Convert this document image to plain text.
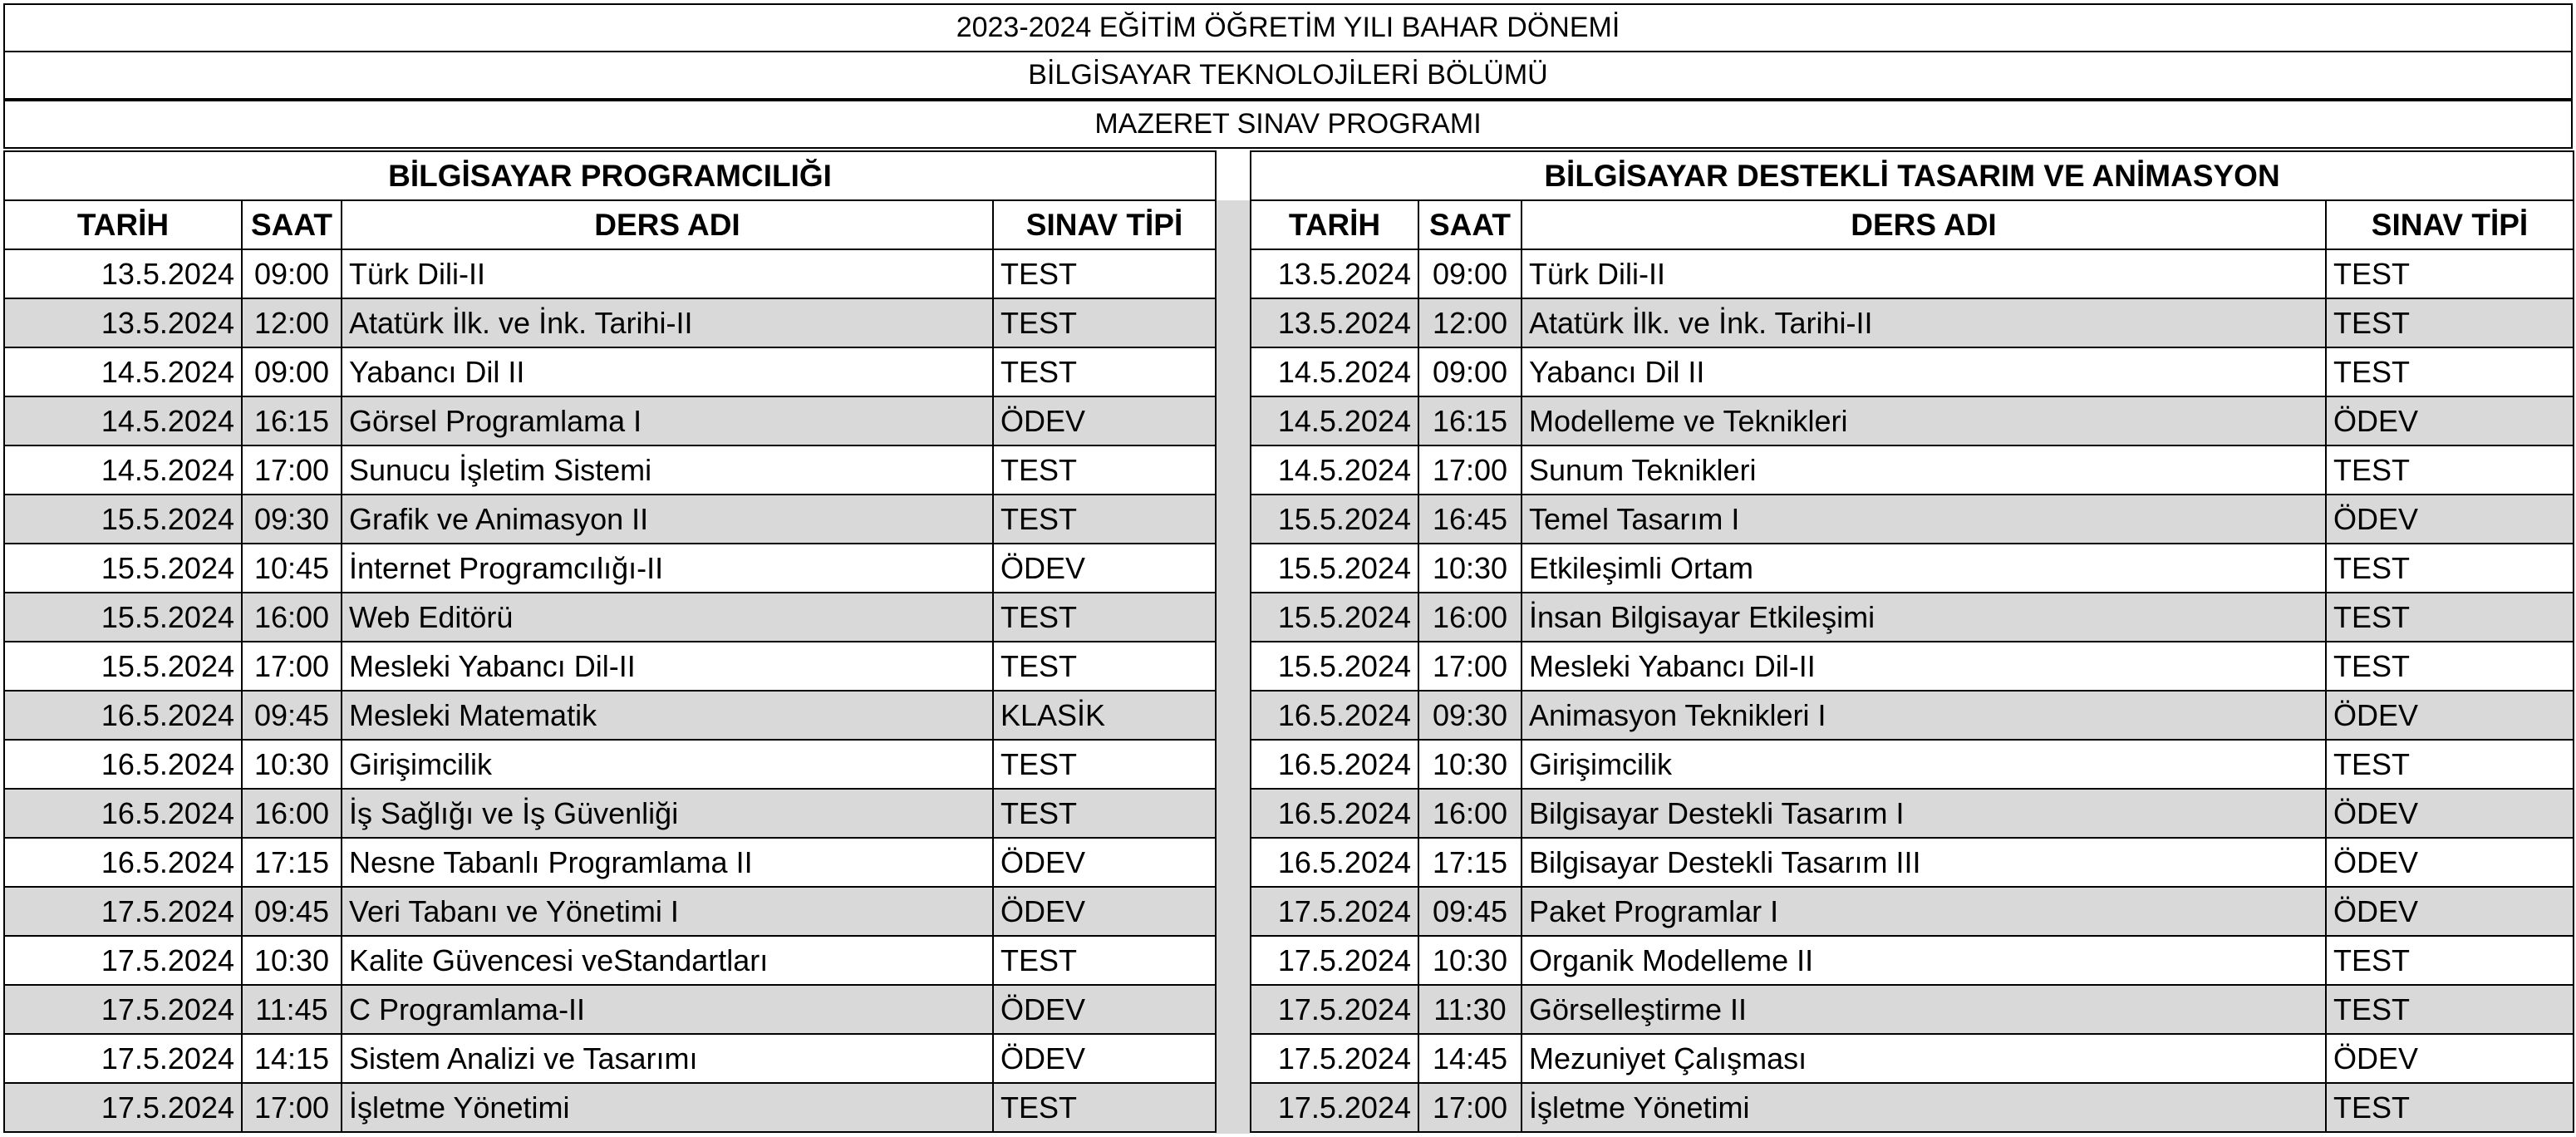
2023-2024 EĞİTİM ÖĞRETİM YILI BAHAR DÖNEMİ
BİLGİSAYAR TEKNOLOJİLERİ BÖLÜMÜ
MAZERET SINAV PROGRAMI
BİLGİSAYAR PROGRAMCILIĞI			
TARİH	SAAT	DERS ADI	SINAV TİPİ
13.5.2024	09:00	Türk Dili-II	TEST
13.5.2024	12:00	Atatürk İlk. ve İnk. Tarihi-II	TEST
14.5.2024	09:00	Yabancı Dil II	TEST
14.5.2024	16:15	Görsel Programlama I	ÖDEV
14.5.2024	17:00	Sunucu İşletim Sistemi	TEST
15.5.2024	09:30	Grafik ve Animasyon II	TEST
15.5.2024	10:45	İnternet Programcılığı-II	ÖDEV
15.5.2024	16:00	Web Editörü	TEST
15.5.2024	17:00	Mesleki Yabancı Dil-II	TEST
16.5.2024	09:45	Mesleki Matematik	KLASİK
16.5.2024	10:30	Girişimcilik	TEST
16.5.2024	16:00	İş Sağlığı ve İş Güvenliği	TEST
16.5.2024	17:15	Nesne Tabanlı Programlama II	ÖDEV
17.5.2024	09:45	Veri Tabanı ve Yönetimi I	ÖDEV
17.5.2024	10:30	Kalite Güvencesi veStandartları	TEST
17.5.2024	11:45	C Programlama-II	ÖDEV
17.5.2024	14:15	Sistem Analizi ve Tasarımı	ÖDEV
17.5.2024	17:00	İşletme Yönetimi	TEST
BİLGİSAYAR DESTEKLİ TASARIM VE ANİMASYON			
TARİH	SAAT	DERS ADI	SINAV TİPİ
13.5.2024	09:00	Türk Dili-II	TEST
13.5.2024	12:00	Atatürk İlk. ve İnk. Tarihi-II	TEST
14.5.2024	09:00	Yabancı Dil II	TEST
14.5.2024	16:15	Modelleme ve Teknikleri	ÖDEV
14.5.2024	17:00	Sunum Teknikleri	TEST
15.5.2024	16:45	Temel Tasarım I	ÖDEV
15.5.2024	10:30	Etkileşimli Ortam	TEST
15.5.2024	16:00	İnsan Bilgisayar Etkileşimi	TEST
15.5.2024	17:00	Mesleki Yabancı Dil-II	TEST
16.5.2024	09:30	Animasyon Teknikleri I	ÖDEV
16.5.2024	10:30	Girişimcilik	TEST
16.5.2024	16:00	Bilgisayar Destekli Tasarım I	ÖDEV
16.5.2024	17:15	Bilgisayar Destekli Tasarım III	ÖDEV
17.5.2024	09:45	Paket Programlar I	ÖDEV
17.5.2024	10:30	Organik Modelleme II	TEST
17.5.2024	11:30	Görselleştirme II	TEST
17.5.2024	14:45	Mezuniyet Çalışması	ÖDEV
17.5.2024	17:00	İşletme Yönetimi	TEST
